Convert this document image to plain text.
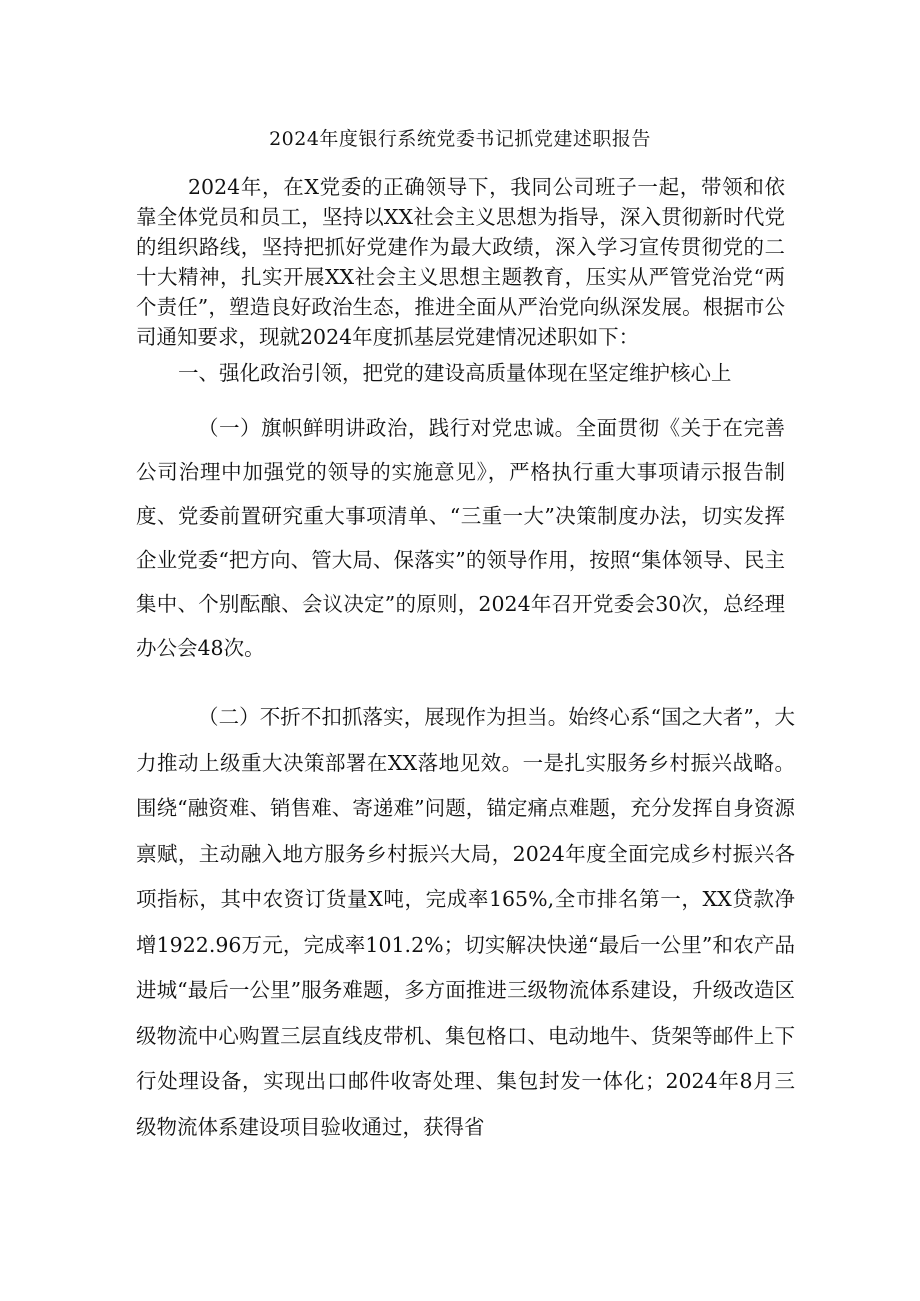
2024年度银行系统党委书记抓党建述职报告

2024年，在X党委的正确领导下，我同公司班子一起，带领和依靠全体党员和员工，坚持以XX社会主义思想为指导，深入贯彻新时代党的组织路线，坚持把抓好党建作为最大政绩，深入学习宣传贯彻党的二十大精神，扎实开展XX社会主义思想主题教育，压实从严管党治党“两个责任”，塑造良好政治生态，推进全面从严治党向纵深发展。根据市公司通知要求，现就2024年度抓基层党建情况述职如下：

一、强化政治引领，把党的建设高质量体现在坚定维护核心上

（一）旗帜鲜明讲政治，践行对党忠诚。全面贯彻《关于在完善公司治理中加强党的领导的实施意见》，严格执行重大事项请示报告制度、党委前置研究重大事项清单、“三重一大”决策制度办法，切实发挥企业党委“把方向、管大局、保落实”的领导作用，按照“集体领导、民主集中、个别酝酿、会议决定”的原则，2024年召开党委会30次，总经理办公会48次。

（二）不折不扣抓落实，展现作为担当。始终心系“国之大者”，大力推动上级重大决策部署在XX落地见效。一是扎实服务乡村振兴战略。围绕“融资难、销售难、寄递难”问题，锚定痛点难题，充分发挥自身资源禀赋，主动融入地方服务乡村振兴大局，2024年度全面完成乡村振兴各项指标，其中农资订货量X吨，完成率165%,全市排名第一，XX贷款净增1922.96万元，完成率101.2%；切实解决快递“最后一公里”和农产品进城“最后一公里”服务难题，多方面推进三级物流体系建设，升级改造区级物流中心购置三层直线皮带机、集包格口、电动地牛、货架等邮件上下行处理设备，实现出口邮件收寄处理、集包封发一体化；2024年8月三级物流体系建设项目验收通过，获得省
